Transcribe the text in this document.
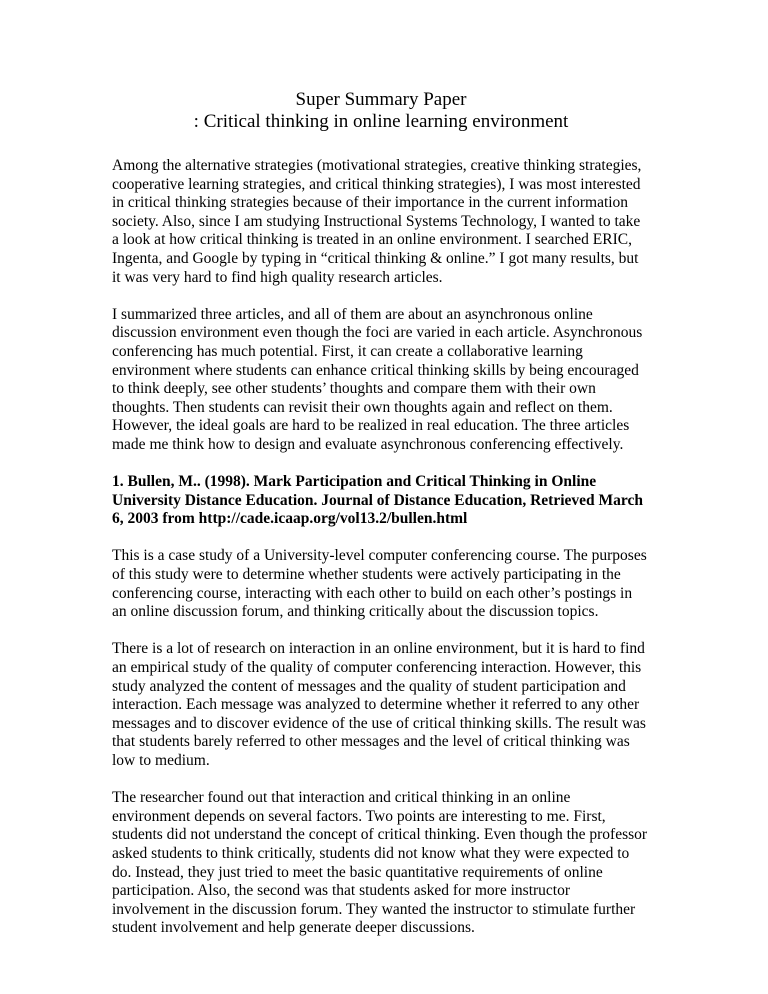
Super Summary Paper
: Critical thinking in online learning environment

Among the alternative strategies (motivational strategies, creative thinking strategies, cooperative learning strategies, and critical thinking strategies), I was most interested in critical thinking strategies because of their importance in the current information society. Also, since I am studying Instructional Systems Technology, I wanted to take a look at how critical thinking is treated in an online environment. I searched ERIC, Ingenta, and Google by typing in “critical thinking & online.” I got many results, but it was very hard to find high quality research articles.

I summarized three articles, and all of them are about an asynchronous online discussion environment even though the foci are varied in each article. Asynchronous conferencing has much potential. First, it can create a collaborative learning environment where students can enhance critical thinking skills by being encouraged to think deeply, see other students’ thoughts and compare them with their own thoughts. Then students can revisit their own thoughts again and reflect on them. However, the ideal goals are hard to be realized in real education. The three articles made me think how to design and evaluate asynchronous conferencing effectively.

1. Bullen, M.. (1998). Mark Participation and Critical Thinking in Online University Distance Education. Journal of Distance Education, Retrieved March 6, 2003 from http://cade.icaap.org/vol13.2/bullen.html

This is a case study of a University-level computer conferencing course. The purposes of this study were to determine whether students were actively participating in the conferencing course, interacting with each other to build on each other’s postings in an online discussion forum, and thinking critically about the discussion topics.

There is a lot of research on interaction in an online environment, but it is hard to find an empirical study of the quality of computer conferencing interaction. However, this study analyzed the content of messages and the quality of student participation and interaction. Each message was analyzed to determine whether it referred to any other messages and to discover evidence of the use of critical thinking skills. The result was that students barely referred to other messages and the level of critical thinking was low to medium.

The researcher found out that interaction and critical thinking in an online environment depends on several factors. Two points are interesting to me. First, students did not understand the concept of critical thinking. Even though the professor asked students to think critically, students did not know what they were expected to do. Instead, they just tried to meet the basic quantitative requirements of online participation. Also, the second was that students asked for more instructor involvement in the discussion forum. They wanted the instructor to stimulate further student involvement and help generate deeper discussions.
